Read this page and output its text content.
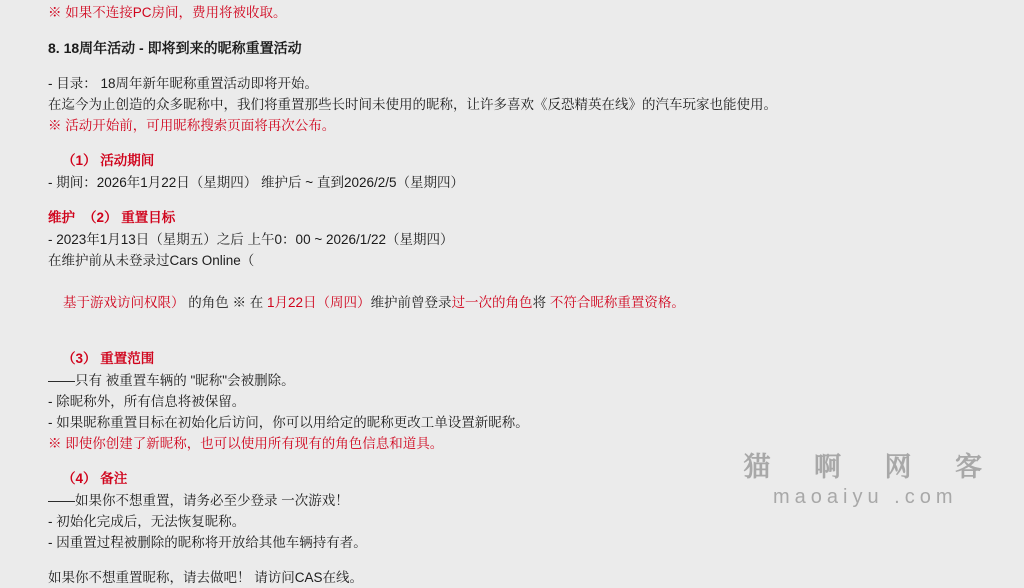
※ 如果不连接PC房间，费用将被收取。
8. 18周年活动 - 即将到来的昵称重置活动
- 目录： 18周年新年昵称重置活动即将开始。
在迄今为止创造的众多昵称中，我们将重置那些长时间未使用的昵称，让许多喜欢《反恐精英在线》的汽车玩家也能使用。
※ 活动开始前，可用昵称搜索页面将再次公布。
（1） 活动期间
- 期间：2026年1月22日（星期四） 维护后 ~ 直到2026/2/5（星期四）
维护 （2） 重置目标
- 2023年1月13日（星期五）之后 上午0：00 ~ 2026/1/22（星期四）
在维护前从未登录过Cars Online（

基于游戏访问权限） 的角色 ※ 在 1月22日（周四）维护前曾登录过一次的角色将 不符合昵称重置资格。

（3） 重置范围
——只有 被重置车辆的 "昵称"会被删除。
- 除昵称外，所有信息将被保留。
- 如果昵称重置目标在初始化后访问，你可以用给定的昵称更改工单设置新昵称。
※ 即使你创建了新昵称，也可以使用所有现有的角色信息和道具。
（4） 备注
——如果你不想重置，请务必至少登录 一次游戏！
- 初始化完成后，无法恢复昵称。
- 因重置过程被删除的昵称将开放给其他车辆持有者。
如果你不想重置昵称，请去做吧！ 请访问CAS在线。
猫 啊 网 客
maoaiyu .com
